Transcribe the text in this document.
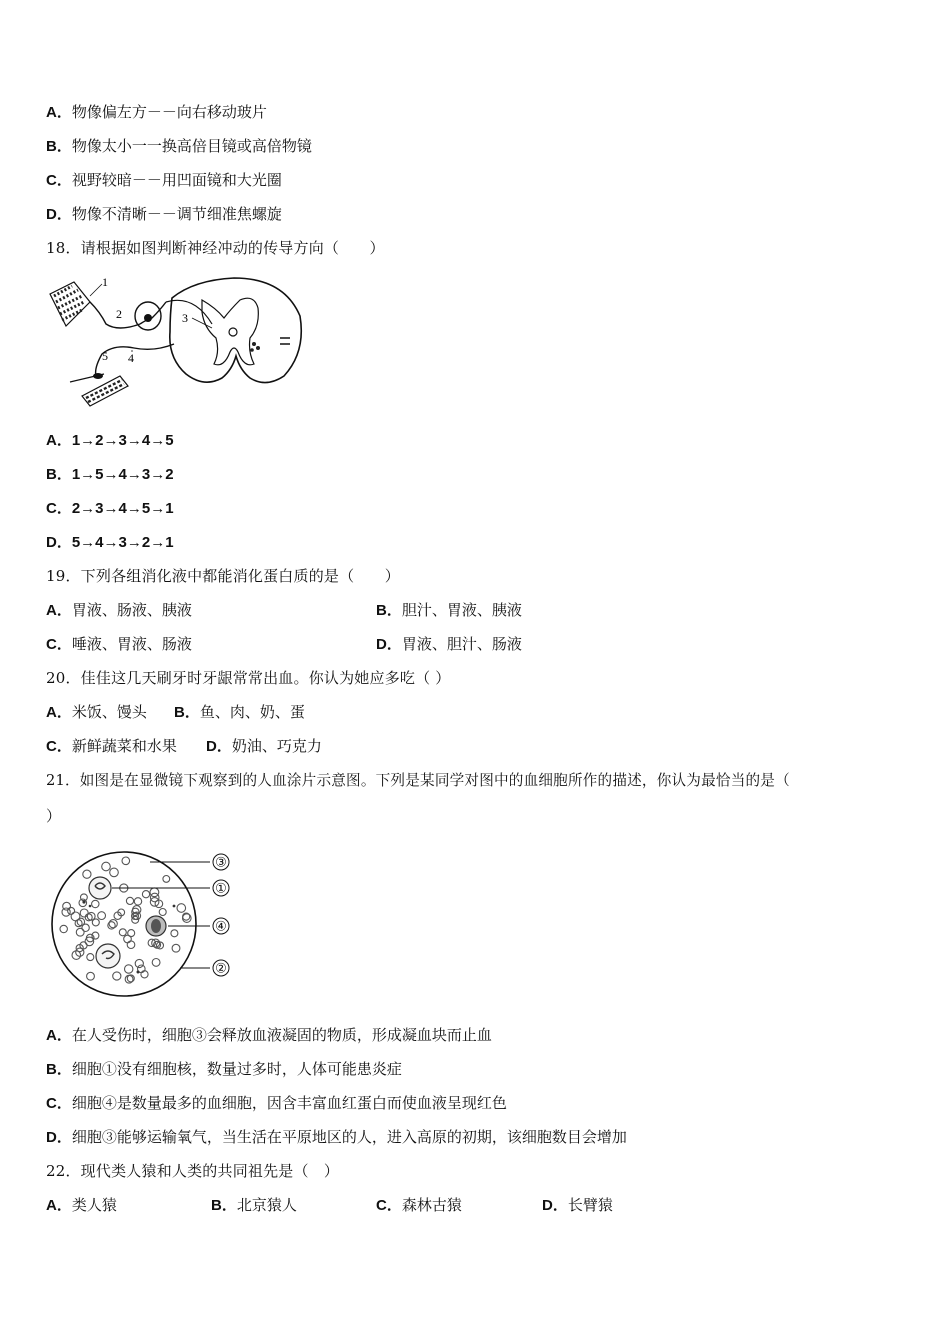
A．物像偏左方－－向右移动玻片
B．物像太小一一换高倍目镜或高倍物镜
C．视野较暗－－用凹面镜和大光圈
D．物像不清晰－－调节细准焦螺旋
18．请根据如图判断神经冲动的传导方向（　　）
1
2	3
4
5
A．1→2→3→4→5
B．1→5→4→3→2
C．2→3→4→5→1
D．5→4→3→2→1
19．下列各组消化液中都能消化蛋白质的是（　　）
A．胃液、肠液、胰液	B．胆汁、胃液、胰液
C．唾液、胃液、肠液	D．胃液、胆汁、肠液
20．佳佳这几天刷牙时牙龈常常出血。你认为她应多吃（ ）
A．米饭、馒头 B．鱼、肉、奶、蛋
C．新鲜蔬菜和水果 D．奶油、巧克力
21．如图是在显微镜下观察到的人血涂片示意图。下列是某同学对图中的血细胞所作的描述，你认为最恰当的是（
）
③
①
④
②
A．在人受伤时，细胞③会释放血液凝固的物质，形成凝血块而止血
B．细胞①没有细胞核，数量过多时，人体可能患炎症
C．细胞④是数量最多的血细胞，因含丰富血红蛋白而使血液呈现红色
D．细胞③能够运输氧气，当生活在平原地区的人，进入高原的初期，该细胞数目会增加
22．现代类人猿和人类的共同祖先是（　）
A．类人猿	B．北京猿人	C．森林古猿	D．长臂猿
